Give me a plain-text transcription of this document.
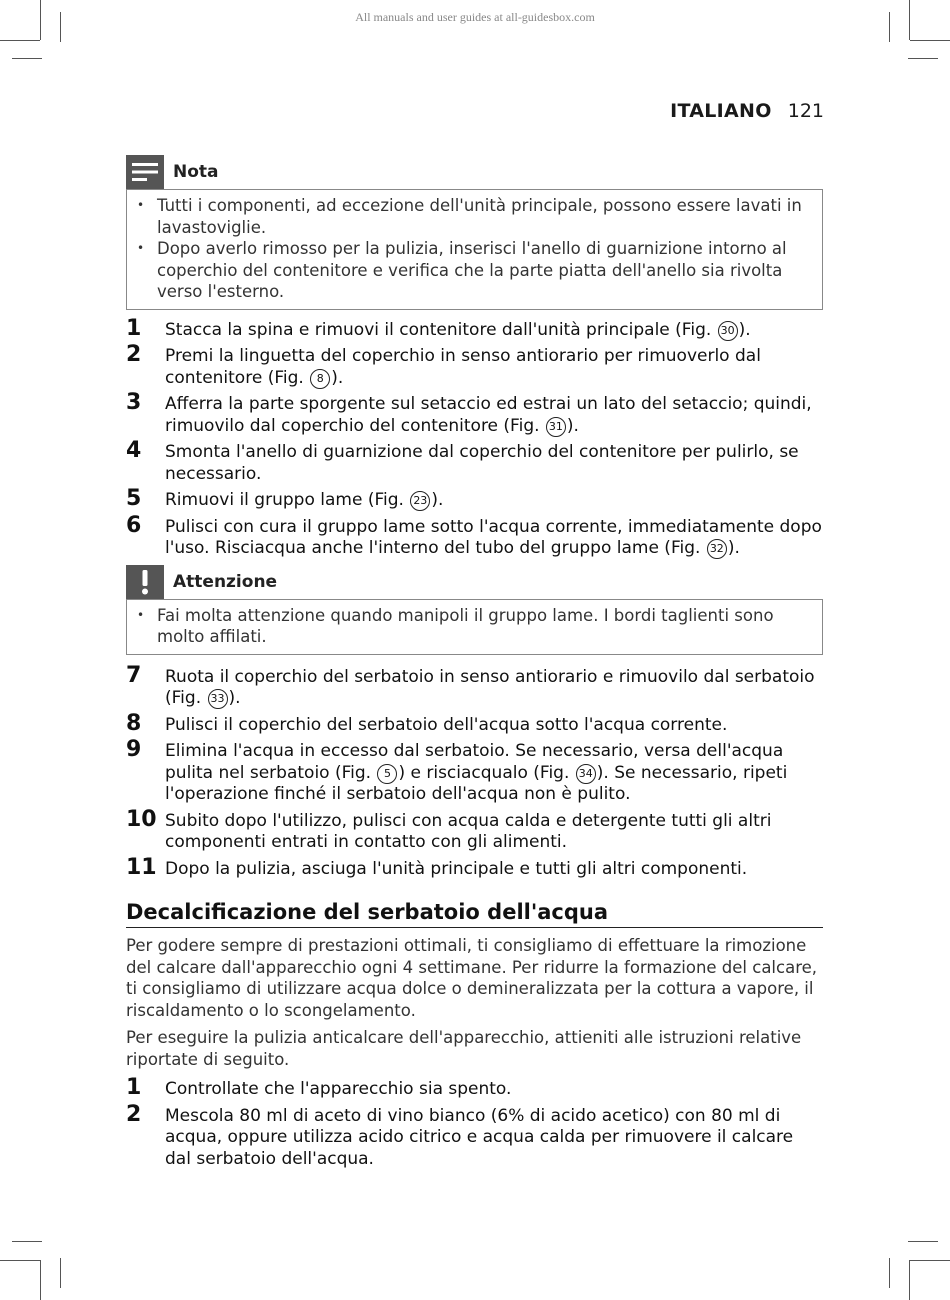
All manuals and user guides at all-guidesbox.com
ITALIANO 121
Nota
• Tutti i componenti, ad eccezione dell'unità principale, possono essere lavati in lavastoviglie.
• Dopo averlo rimosso per la pulizia, inserisci l'anello di guarnizione intorno al coperchio del contenitore e verifica che la parte piatta dell'anello sia rivolta verso l'esterno.
1	Stacca la spina e rimuovi il contenitore dall'unità principale (Fig. 30 ).
2	Premi la linguetta del coperchio in senso antiorario per rimuoverlo dal contenitore (Fig. 8 ).
3	Afferra la parte sporgente sul setaccio ed estrai un lato del setaccio; quindi, rimuovilo dal coperchio del contenitore (Fig. 31 ).
4	Smonta l'anello di guarnizione dal coperchio del contenitore per pulirlo, se necessario.
5	Rimuovi il gruppo lame (Fig. 23 ).
6	Pulisci con cura il gruppo lame sotto l'acqua corrente, immediatamente dopo l'uso. Risciacqua anche l'interno del tubo del gruppo lame (Fig. 32 ).
Attenzione
• Fai molta attenzione quando manipoli il gruppo lame. I bordi taglienti sono molto affilati.
7	Ruota il coperchio del serbatoio in senso antiorario e rimuovilo dal serbatoio (Fig. 33 ).
8	Pulisci il coperchio del serbatoio dell'acqua sotto l'acqua corrente.
9	Elimina l'acqua in eccesso dal serbatoio. Se necessario, versa dell'acqua pulita nel serbatoio (Fig. 5 ) e risciacqualo (Fig. 34 ). Se necessario, ripeti l'operazione finché il serbatoio dell'acqua non è pulito.
10 Subito dopo l'utilizzo, pulisci con acqua calda e detergente tutti gli altri componenti entrati in contatto con gli alimenti.
11 Dopo la pulizia, asciuga l'unità principale e tutti gli altri componenti.
Decalcificazione del serbatoio dell'acqua
Per godere sempre di prestazioni ottimali, ti consigliamo di effettuare la rimozione del calcare dall'apparecchio ogni 4 settimane. Per ridurre la formazione del calcare, ti consigliamo di utilizzare acqua dolce o demineralizzata per la cottura a vapore, il riscaldamento o lo scongelamento.
Per eseguire la pulizia anticalcare dell'apparecchio, attieniti alle istruzioni relative riportate di seguito.
1	Controllate che l'apparecchio sia spento.
2	Mescola 80 ml di aceto di vino bianco (6% di acido acetico) con 80 ml di acqua, oppure utilizza acido citrico e acqua calda per rimuovere il calcare dal serbatoio dell'acqua.
